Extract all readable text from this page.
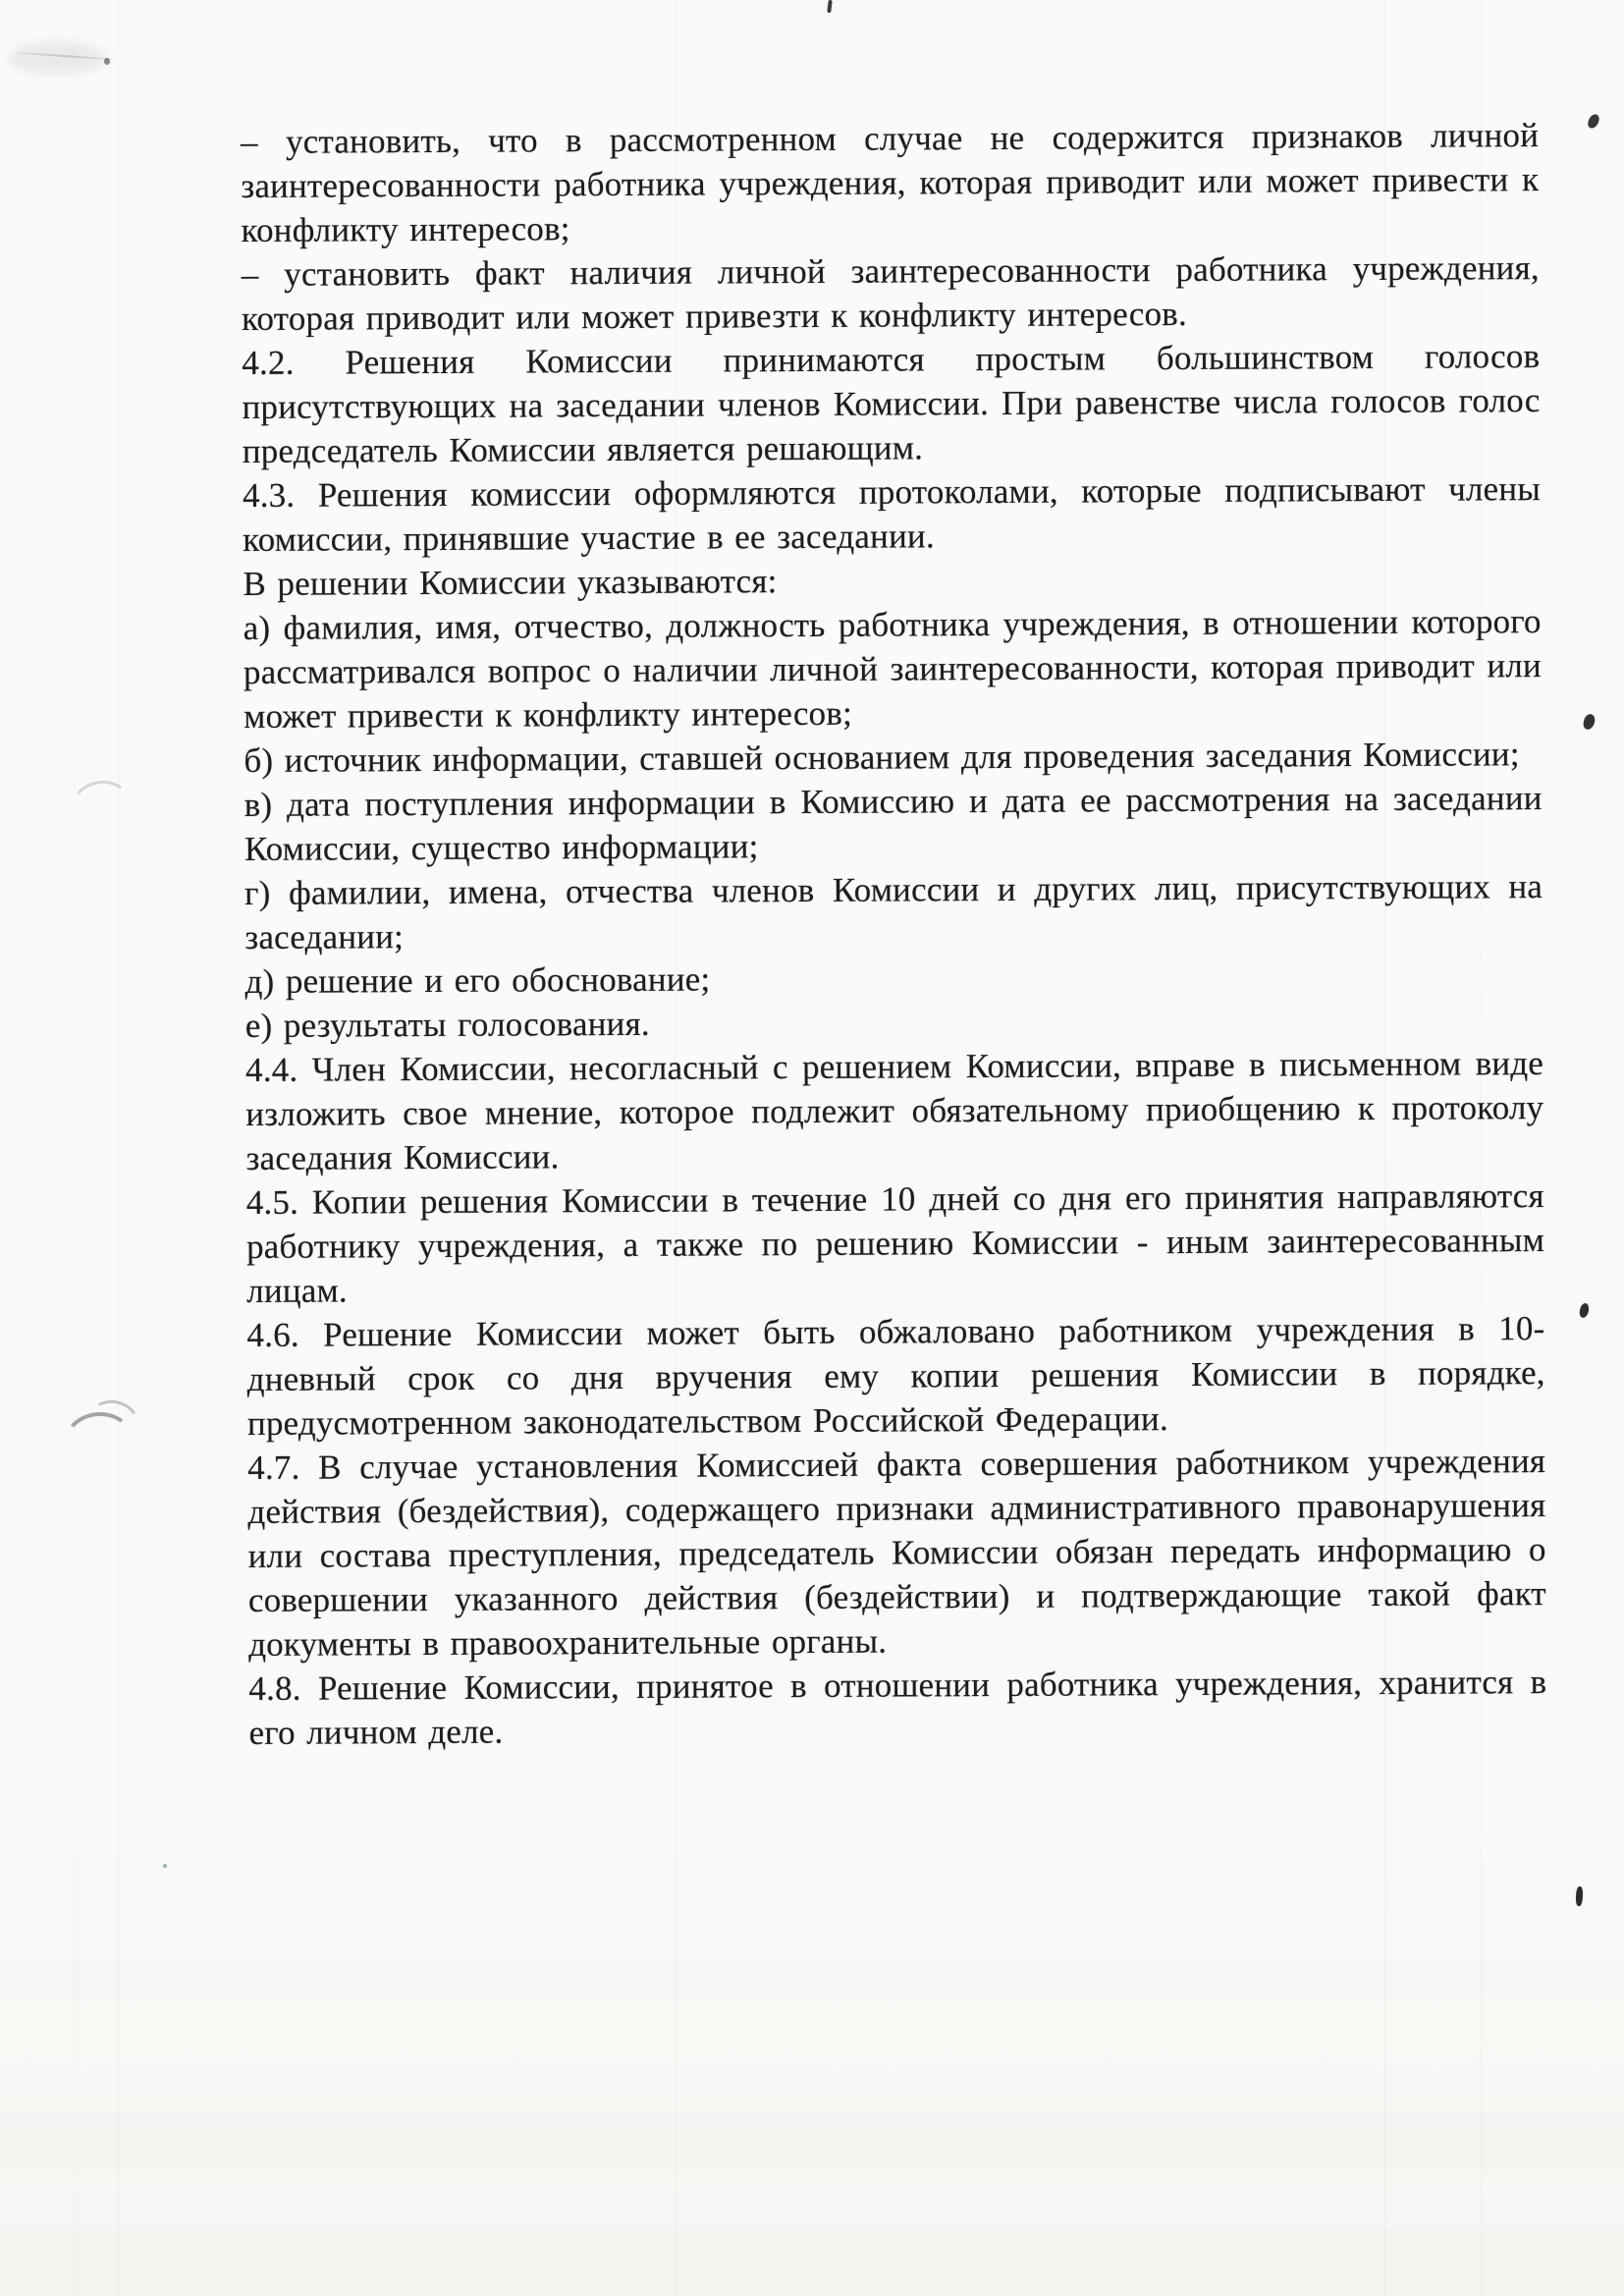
– установить, что в рассмотренном случае не содержится признаков личной заинтересованности работника учреждения, которая приводит или может привести к конфликту интересов;

– установить факт наличия личной заинтересованности работника учреждения, которая приводит или может привезти к конфликту интересов.

4.2. Решения Комиссии принимаются простым большинством голосов присутствующих на заседании членов Комиссии. При равенстве числа голосов голос председатель Комиссии является решающим.

4.3. Решения комиссии оформляются протоколами, которые подписывают члены комиссии, принявшие участие в ее заседании.

В решении Комиссии указываются:

а) фамилия, имя, отчество, должность работника учреждения, в отношении которого рассматривался вопрос о наличии личной заинтересованности, которая приводит или может привести к конфликту интересов;

б) источник информации, ставшей основанием для проведения заседания Комиссии;

в) дата поступления информации в Комиссию и дата ее рассмотрения на заседании Комиссии, существо информации;

г) фамилии, имена, отчества членов Комиссии и других лиц, присутствующих на заседании;

д) решение и его обоснование;

е) результаты голосования.

4.4. Член Комиссии, несогласный с решением Комиссии, вправе в письменном виде изложить свое мнение, которое подлежит обязательному приобщению к протоколу заседания Комиссии.

4.5. Копии решения Комиссии в течение 10 дней со дня его принятия направляются работнику учреждения, а также по решению Комиссии - иным заинтересованным лицам.

4.6. Решение Комиссии может быть обжаловано работником учреждения в 10-дневный срок со дня вручения ему копии решения Комиссии в порядке, предусмотренном законодательством Российской Федерации.

4.7. В случае установления Комиссией факта совершения работником учреждения действия (бездействия), содержащего признаки административного правонарушения или состава преступления, председатель Комиссии обязан передать информацию о совершении указанного действия (бездействии) и подтверждающие такой факт документы в правоохранительные органы.

4.8. Решение Комиссии, принятое в отношении работника учреждения, хранится в его личном деле.
